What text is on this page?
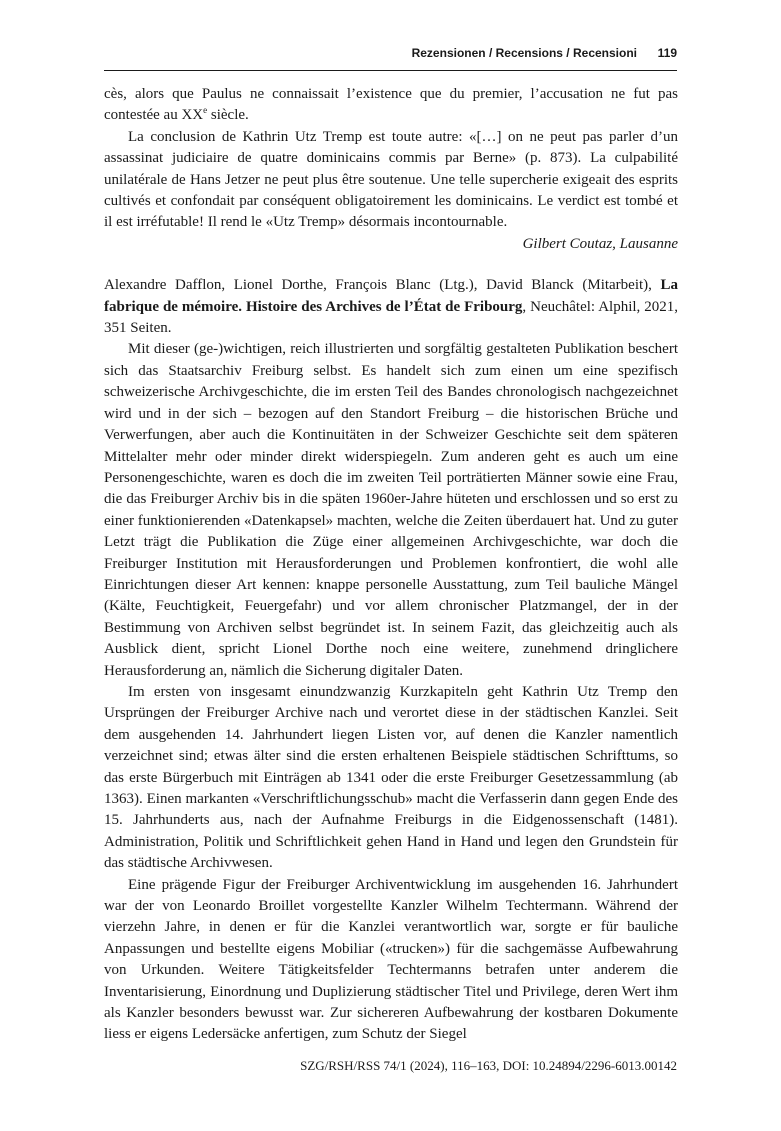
Rezensionen / Recensions / Recensioni 119

cès, alors que Paulus ne connaissait l’existence que du premier, l’accusation ne fut pas contestée au XXe siècle.

La conclusion de Kathrin Utz Tremp est toute autre: «[…] on ne peut pas parler d’un assassinat judiciaire de quatre dominicains commis par Berne» (p. 873). La culpabilité unilatérale de Hans Jetzer ne peut plus être soutenue. Une telle supercherie exigeait des esprits cultivés et confondait par conséquent obligatoirement les dominicains. Le verdict est tombé et il est irréfutable! Il rend le «Utz Tremp» désormais incontournable.

Gilbert Coutaz, Lausanne

Alexandre Dafflon, Lionel Dorthe, François Blanc (Ltg.), David Blanck (Mitarbeit), La fabrique de mémoire. Histoire des Archives de l’État de Fribourg, Neuchâtel: Alphil, 2021, 351 Seiten.

Mit dieser (ge-)wichtigen, reich illustrierten und sorgfältig gestalteten Publikation beschert sich das Staatsarchiv Freiburg selbst. Es handelt sich zum einen um eine spezifisch schweizerische Archivgeschichte, die im ersten Teil des Bandes chronologisch nachgezeichnet wird und in der sich – bezogen auf den Standort Freiburg – die historischen Brüche und Verwerfungen, aber auch die Kontinuitäten in der Schweizer Geschichte seit dem späteren Mittelalter mehr oder minder direkt widerspiegeln. Zum anderen geht es auch um eine Personengeschichte, waren es doch die im zweiten Teil porträtierten Männer sowie eine Frau, die das Freiburger Archiv bis in die späten 1960er-Jahre hüteten und erschlossen und so erst zu einer funktionierenden «Datenkapsel» machten, welche die Zeiten überdauert hat. Und zu guter Letzt trägt die Publikation die Züge einer allgemeinen Archivgeschichte, war doch die Freiburger Institution mit Herausforderungen und Problemen konfrontiert, die wohl alle Einrichtungen dieser Art kennen: knappe personelle Ausstattung, zum Teil bauliche Mängel (Kälte, Feuchtigkeit, Feuergefahr) und vor allem chronischer Platzmangel, der in der Bestimmung von Archiven selbst begründet ist. In seinem Fazit, das gleichzeitig auch als Ausblick dient, spricht Lionel Dorthe noch eine weitere, zunehmend dringlichere Herausforderung an, nämlich die Sicherung digitaler Daten.

Im ersten von insgesamt einundzwanzig Kurzkapiteln geht Kathrin Utz Tremp den Ursprüngen der Freiburger Archive nach und verortet diese in der städtischen Kanzlei. Seit dem ausgehenden 14. Jahrhundert liegen Listen vor, auf denen die Kanzler namentlich verzeichnet sind; etwas älter sind die ersten erhaltenen Beispiele städtischen Schrifttums, so das erste Bürgerbuch mit Einträgen ab 1341 oder die erste Freiburger Gesetzessammlung (ab 1363). Einen markanten «Verschriftlichungsschub» macht die Verfasserin dann gegen Ende des 15. Jahrhunderts aus, nach der Aufnahme Freiburgs in die Eidgenossenschaft (1481). Administration, Politik und Schriftlichkeit gehen Hand in Hand und legen den Grundstein für das städtische Archivwesen.

Eine prägende Figur der Freiburger Archiventwicklung im ausgehenden 16. Jahrhundert war der von Leonardo Broillet vorgestellte Kanzler Wilhelm Techtermann. Während der vierzehn Jahre, in denen er für die Kanzlei verantwortlich war, sorgte er für bauliche Anpassungen und bestellte eigens Mobiliar («trucken») für die sachgemässe Aufbewahrung von Urkunden. Weitere Tätigkeitsfelder Techtermanns betrafen unter anderem die Inventarisierung, Einordnung und Duplizierung städtischer Titel und Privilege, deren Wert ihm als Kanzler besonders bewusst war. Zur sichereren Aufbewahrung der kostbaren Dokumente liess er eigens Ledersäcke anfertigen, zum Schutz der Siegel

SZG/RSH/RSS 74/1 (2024), 116–163, DOI: 10.24894/2296-6013.00142
